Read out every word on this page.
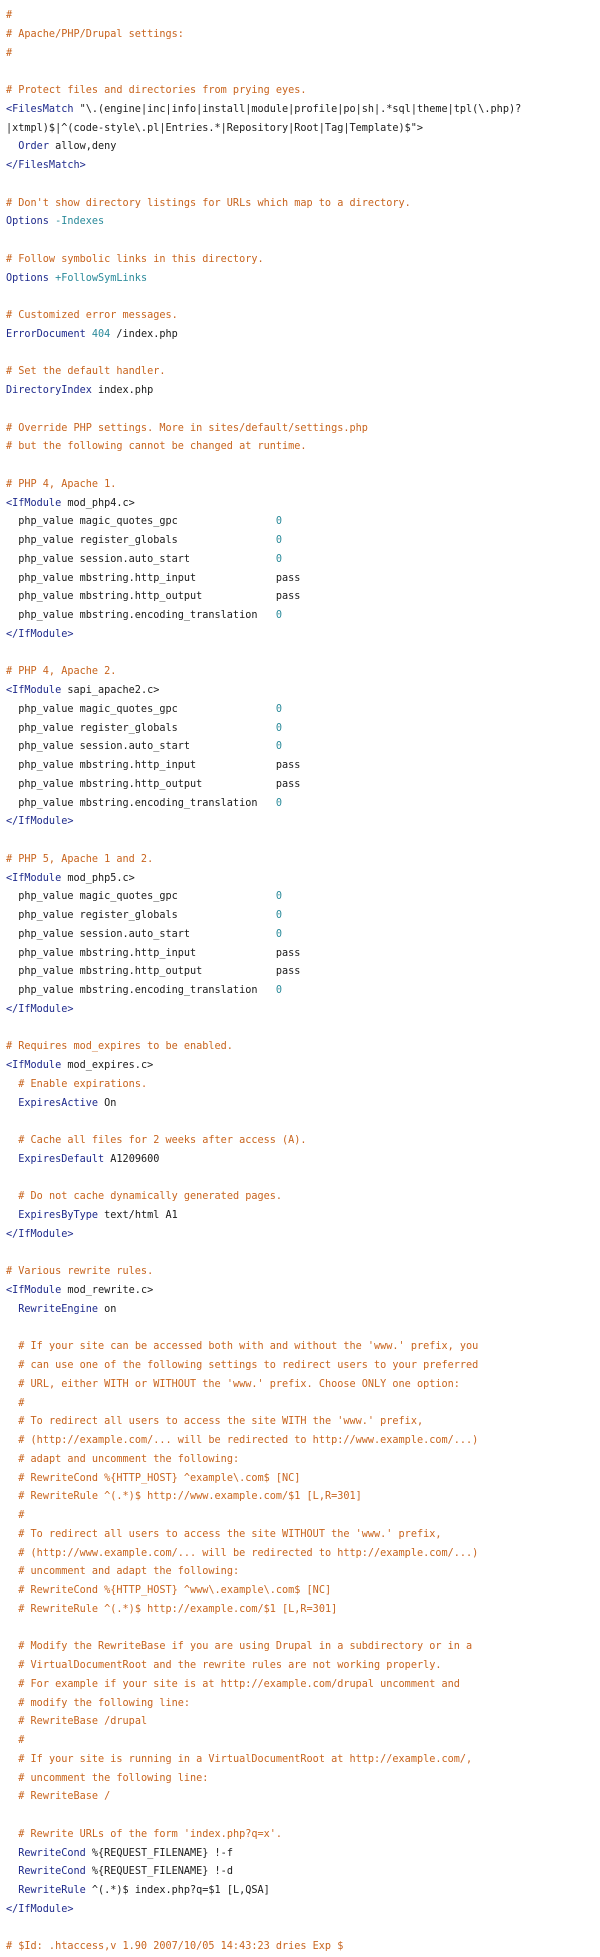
#
# Apache/PHP/Drupal settings:
#

# Protect files and directories from prying eyes.
<FilesMatch "\.(engine|inc|info|install|module|profile|po|sh|.*sql|theme|tpl(\.php)?
|xtmpl)$|^(code-style\.pl|Entries.*|Repository|Root|Tag|Template)$">
Order allow,deny
</FilesMatch>

# Don't show directory listings for URLs which map to a directory.
Options -Indexes

# Follow symbolic links in this directory.
Options +FollowSymLinks

# Customized error messages.
ErrorDocument 404 /index.php

# Set the default handler.
DirectoryIndex index.php

# Override PHP settings. More in sites/default/settings.php
# but the following cannot be changed at runtime.

# PHP 4, Apache 1.
<IfModule mod_php4.c>
php_value magic_quotes_gpc                0
php_value register_globals                0
php_value session.auto_start              0
php_value mbstring.http_input             pass
php_value mbstring.http_output            pass
php_value mbstring.encoding_translation   0
</IfModule>

# PHP 4, Apache 2.
<IfModule sapi_apache2.c>
php_value magic_quotes_gpc                0
php_value register_globals                0
php_value session.auto_start              0
php_value mbstring.http_input             pass
php_value mbstring.http_output            pass
php_value mbstring.encoding_translation   0
</IfModule>

# PHP 5, Apache 1 and 2.
<IfModule mod_php5.c>
php_value magic_quotes_gpc                0
php_value register_globals                0
php_value session.auto_start              0
php_value mbstring.http_input             pass
php_value mbstring.http_output            pass
php_value mbstring.encoding_translation   0
</IfModule>

# Requires mod_expires to be enabled.
<IfModule mod_expires.c>
# Enable expirations.
ExpiresActive On

# Cache all files for 2 weeks after access (A).
ExpiresDefault A1209600

# Do not cache dynamically generated pages.
ExpiresByType text/html A1
</IfModule>

# Various rewrite rules.
<IfModule mod_rewrite.c>
RewriteEngine on

# If your site can be accessed both with and without the 'www.' prefix, you
# can use one of the following settings to redirect users to your preferred
# URL, either WITH or WITHOUT the 'www.' prefix. Choose ONLY one option:
#
# To redirect all users to access the site WITH the 'www.' prefix,
# (http://example.com/... will be redirected to http://www.example.com/...)
# adapt and uncomment the following:
# RewriteCond %{HTTP_HOST} ^example\.com$ [NC]
# RewriteRule ^(.*)$ http://www.example.com/$1 [L,R=301]
#
# To redirect all users to access the site WITHOUT the 'www.' prefix,
# (http://www.example.com/... will be redirected to http://example.com/...)
# uncomment and adapt the following:
# RewriteCond %{HTTP_HOST} ^www\.example\.com$ [NC]
# RewriteRule ^(.*)$ http://example.com/$1 [L,R=301]

# Modify the RewriteBase if you are using Drupal in a subdirectory or in a
# VirtualDocumentRoot and the rewrite rules are not working properly.
# For example if your site is at http://example.com/drupal uncomment and
# modify the following line:
# RewriteBase /drupal
#
# If your site is running in a VirtualDocumentRoot at http://example.com/,
# uncomment the following line:
# RewriteBase /

# Rewrite URLs of the form 'index.php?q=x'.
RewriteCond %{REQUEST_FILENAME} !-f
RewriteCond %{REQUEST_FILENAME} !-d
RewriteRule ^(.*)$ index.php?q=$1 [L,QSA]
</IfModule>

# $Id: .htaccess,v 1.90 2007/10/05 14:43:23 dries Exp $
